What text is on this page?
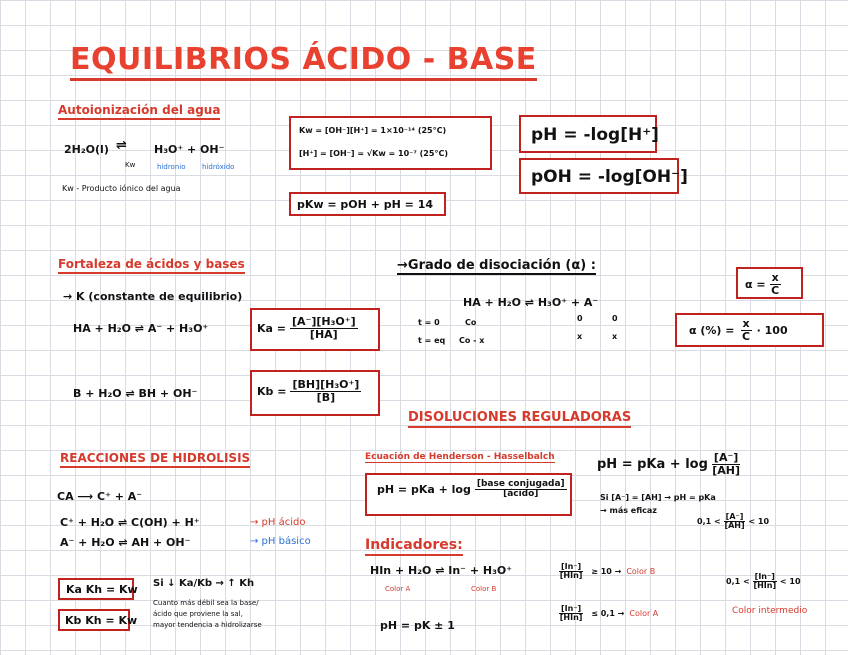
EQUILIBRIOS ÁCIDO - BASE
Autoionización del agua
2H₂O(l) ⇌ H₃O⁺ + OH⁻
Kw	hidronio hidróxido
Kw - Producto iónico del agua
Kw = [OH⁻][H⁺] = 1×10⁻¹⁴ (25°C)
[H⁺] = [OH⁻] = √Kw = 10⁻⁷ (25°C)
pKw = pOH + pH = 14
pH = -log[H⁺]
pOH = -log[OH⁻]
Fortaleza de ácidos y bases
→ K (constante de equilibrio)
HA + H₂O ⇌ A⁻ + H₃O⁺	$Ka = \frac{\text{[A⁻][H₃O⁺]}}{[HA]}$
B + H₂O ⇌ BH + OH⁻	$Kb = \frac{\text{[BH][H₃O⁺]}}{[B]}$
→Grado de disociación (α) :
HA + H₂O ⇌ H₃O⁺ + A⁻
t = 0	Co	0	0
t = eq Co - x	x	x
$\alpha = \frac{x}{C}$
α (%) = $\frac{x}{C} \cdot 100$
DISOLUCIONES REGULADORAS
Ecuación de Henderson - Hasselbalch	pH = pKa + $\log \frac{[A^-]}{[AH]}$
pH = pKa + $\log \frac{\text{[base conjugada]}}{\text{[ácido]}}$	Si [A⁻] = [AH] → pH = pKa
→ más eficaz
$0,1 < \frac{[A^-]}{[AH]} < 10$
REACCIONES DE HIDROLISIS
CA ⟶ C⁺ + A⁻
C⁺ + H₂O ⇌ C(OH) + H⁺	→ pH ácido
A⁻ + H₂O ⇌ AH + OH⁻	→ pH básico
Ka Kh = Kw
Kb Kh = Kw
Si ↓ Ka/Kb → ↑ Kh
Cuanto más débil sea la base/
ácido que proviene la sal,
mayor tendencia a hidrolizarse
Indicadores:
HIn + H₂O ⇌ In⁻ + H₃O⁺
Color A	Color B
$\frac{[In^-]}{\text{[HIn]}} \ge 10$ → Color B
$\frac{[In^-]}{\text{[HIn]}} \le 0,1$ → Color A
pH = pK ± 1
$0,1 < \frac{[In^-]}{\text{[HIn]}} < 10$
Color intermedio
